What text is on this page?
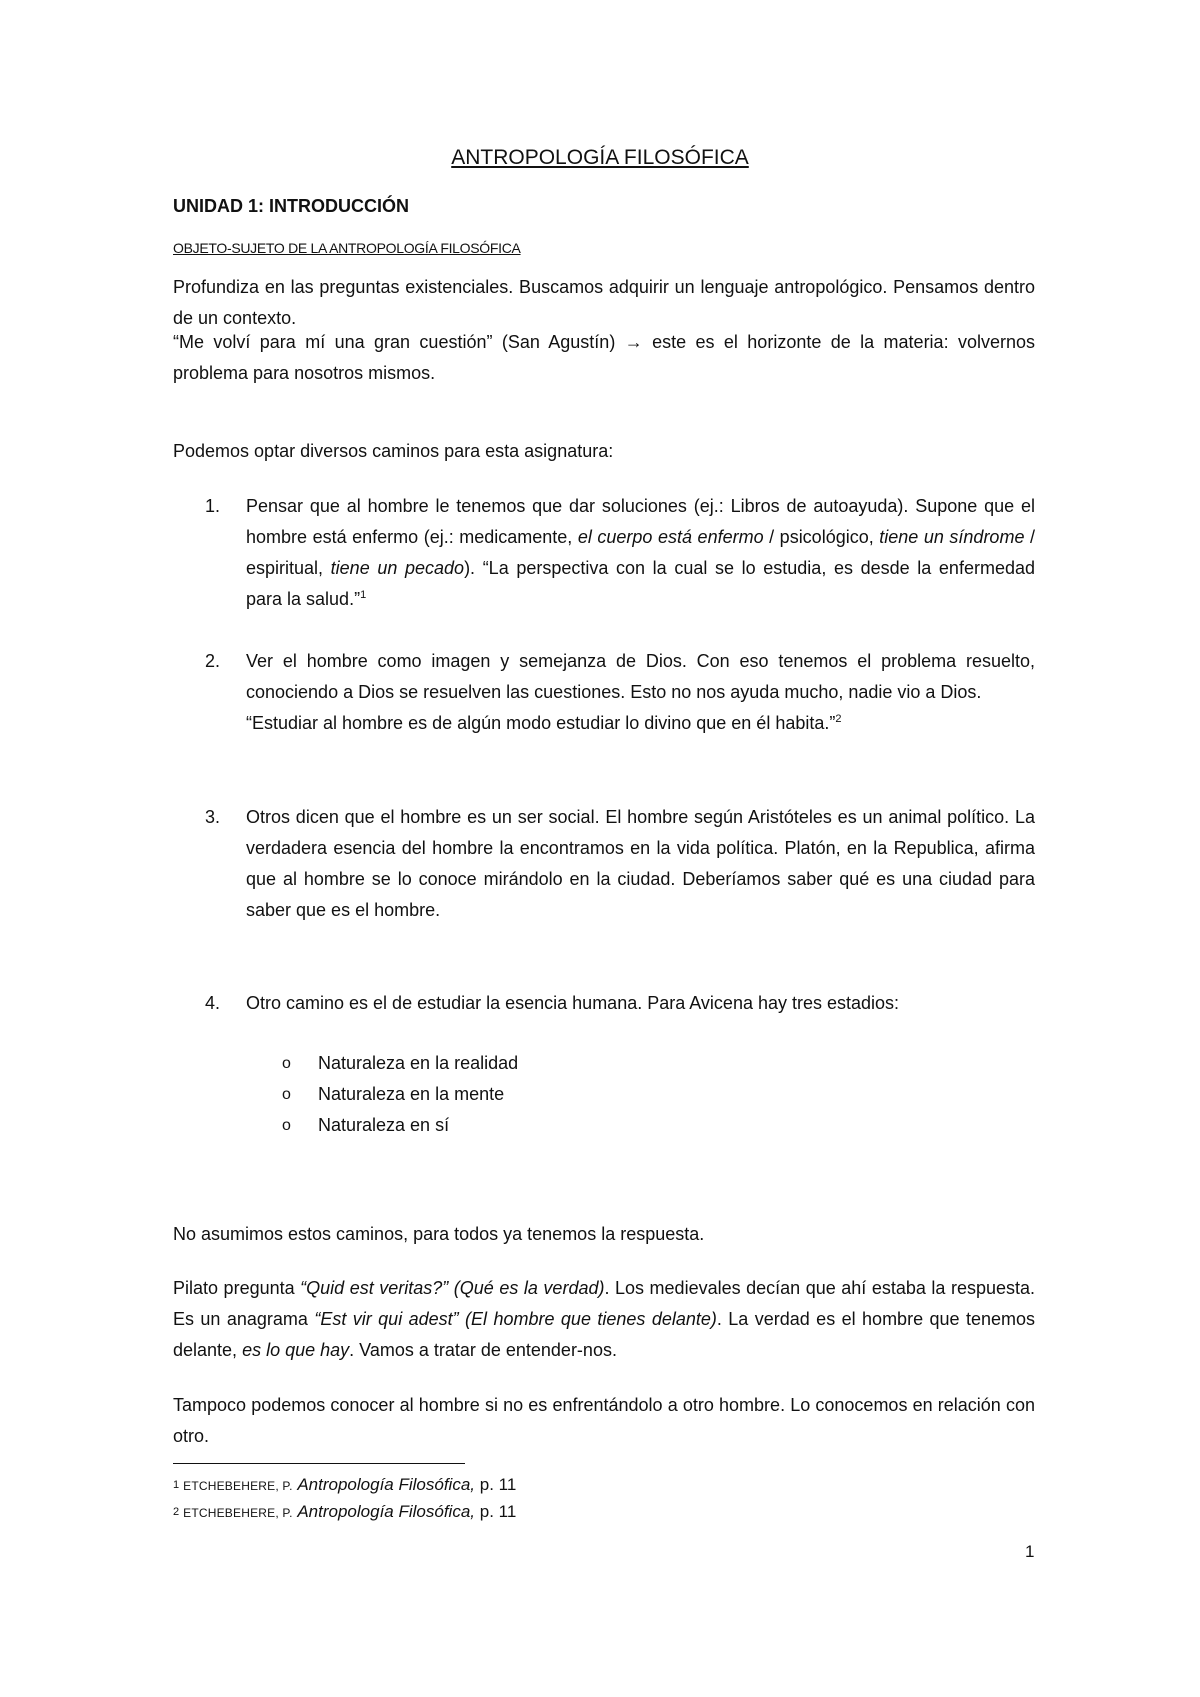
ANTROPOLOGÍA FILOSÓFICA
UNIDAD 1: INTRODUCCIÓN
OBJETO-SUJETO DE LA ANTROPOLOGÍA FILOSÓFICA

Profundiza en las preguntas existenciales. Buscamos adquirir un lenguaje antropológico. Pensamos dentro de un contexto.

“Me volví para mí una gran cuestión” (San Agustín) → este es el horizonte de la materia: volvernos problema para nosotros mismos.

Podemos optar diversos caminos para esta asignatura:

1. Pensar que al hombre le tenemos que dar soluciones (ej.: Libros de autoayuda). Supone que el hombre está enfermo (ej.: medicamente, el cuerpo está enfermo / psicológico, tiene un síndrome / espiritual, tiene un pecado). “La perspectiva con la cual se lo estudia, es desde la enfermedad para la salud.”$^1$

2. Ver el hombre como imagen y semejanza de Dios. Con eso tenemos el problema resuelto, conociendo a Dios se resuelven las cuestiones. Esto no nos ayuda mucho, nadie vio a Dios.
“Estudiar al hombre es de algún modo estudiar lo divino que en él habita.”$^2$

3. Otros dicen que el hombre es un ser social. El hombre según Aristóteles es un animal político. La verdadera esencia del hombre la encontramos en la vida política. Platón, en la Republica, afirma que al hombre se lo conoce mirándolo en la ciudad. Deberíamos saber qué es una ciudad para saber que es el hombre.

4. Otro camino es el de estudiar la esencia humana. Para Avicena hay tres estadios:

o Naturaleza en la realidad
o Naturaleza en la mente
o Naturaleza en sí

No asumimos estos caminos, para todos ya tenemos la respuesta.

Pilato pregunta “Quid est veritas?” (Qué es la verdad). Los medievales decían que ahí estaba la respuesta. Es un anagrama “Est vir qui adest” (El hombre que tienes delante). La verdad es el hombre que tenemos delante, es lo que hay. Vamos a tratar de entender-nos.

Tampoco podemos conocer al hombre si no es enfrentándolo a otro hombre. Lo conocemos en relación con otro.

$^1$ ETCHEBEHERE, P. Antropología Filosófica, p. 11
$^2$ ETCHEBEHERE, P. Antropología Filosófica, p. 11
1
